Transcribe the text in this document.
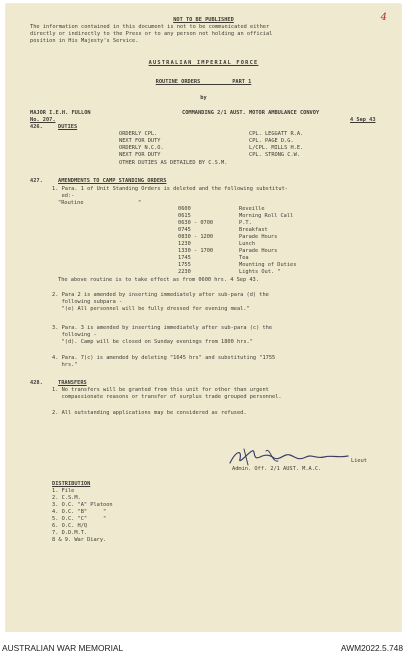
4
NOT TO BE PUBLISHED
The information contained in this document is not to be communicated either
directly or indirectly to the Press or to any person not holding an official
position in His Majesty's Service.
AUSTRALIAN IMPERIAL FORCE
ROUTINE ORDERS          PART 1
by
MAJOR I.E.H. FULLON	COMMANDING 2/1 AUST. MOTOR AMBULANCE CONVOY
No. 207.	4 Sep 43
426.	DUTIES
ORDERLY CPL.	CPL. LEGGATT R.A.
NEXT FOR DUTY	CPL. PAGE D.G.
ORDERLY N.C.O.	L/CPL. MILLS H.E.
NEXT FOR DUTY	CPL. STRONG C.W.
OTHER DUTIES AS DETAILED BY C.S.M.
427.	AMENDMENTS TO CAMP STANDING ORDERS
1. Para. 1 of Unit Standing Orders is deleted and the following substitut-
ed:-
"Routine	"
0600	Reveille
0615	Morning Roll Call
0630 - 0700	P.T.
0745	Breakfast
0830 - 1200	Parade Hours
1230	Lunch
1330 - 1700	Parade Hours
1745	Tea
1755	Mounting of Duties
2230	Lights Out. "
The above routine is to take effect as from 0600 hrs. 4 Sep 43.
2. Para 2 is amended by inserting immediately after sub-para (d) the
following subpara -
"(e) All personnel will be fully dressed for evening meal."
3. Para. 3 is amended by inserting immediately after sub-para (c) the
following -
"(d). Camp will be closed on Sunday evenings from 1800 hrs."
4. Para. 7(c) is amended by deleting "1645 hrs" and substituting "1755
hrs."
428.	TRANSFERS
1. No transfers will be granted from this unit for other than urgent
compassionate reasons or transfer of surplus trade grouped personnel.
2. All outstanding applications may be considered as refused.
Lieut
Admin. Off. 2/1 AUST. M.A.C.
DISTRIBUTION
1. File
2. C.S.M.
3. O.C. "A" Platoon
4. O.C. "B"     "
5. O.C. "C"     "
6. O.C. H/Q
7. D.D.M.T.
8 & 9. War Diary.
AUSTRALIAN WAR MEMORIAL	AWM2022.5.748
